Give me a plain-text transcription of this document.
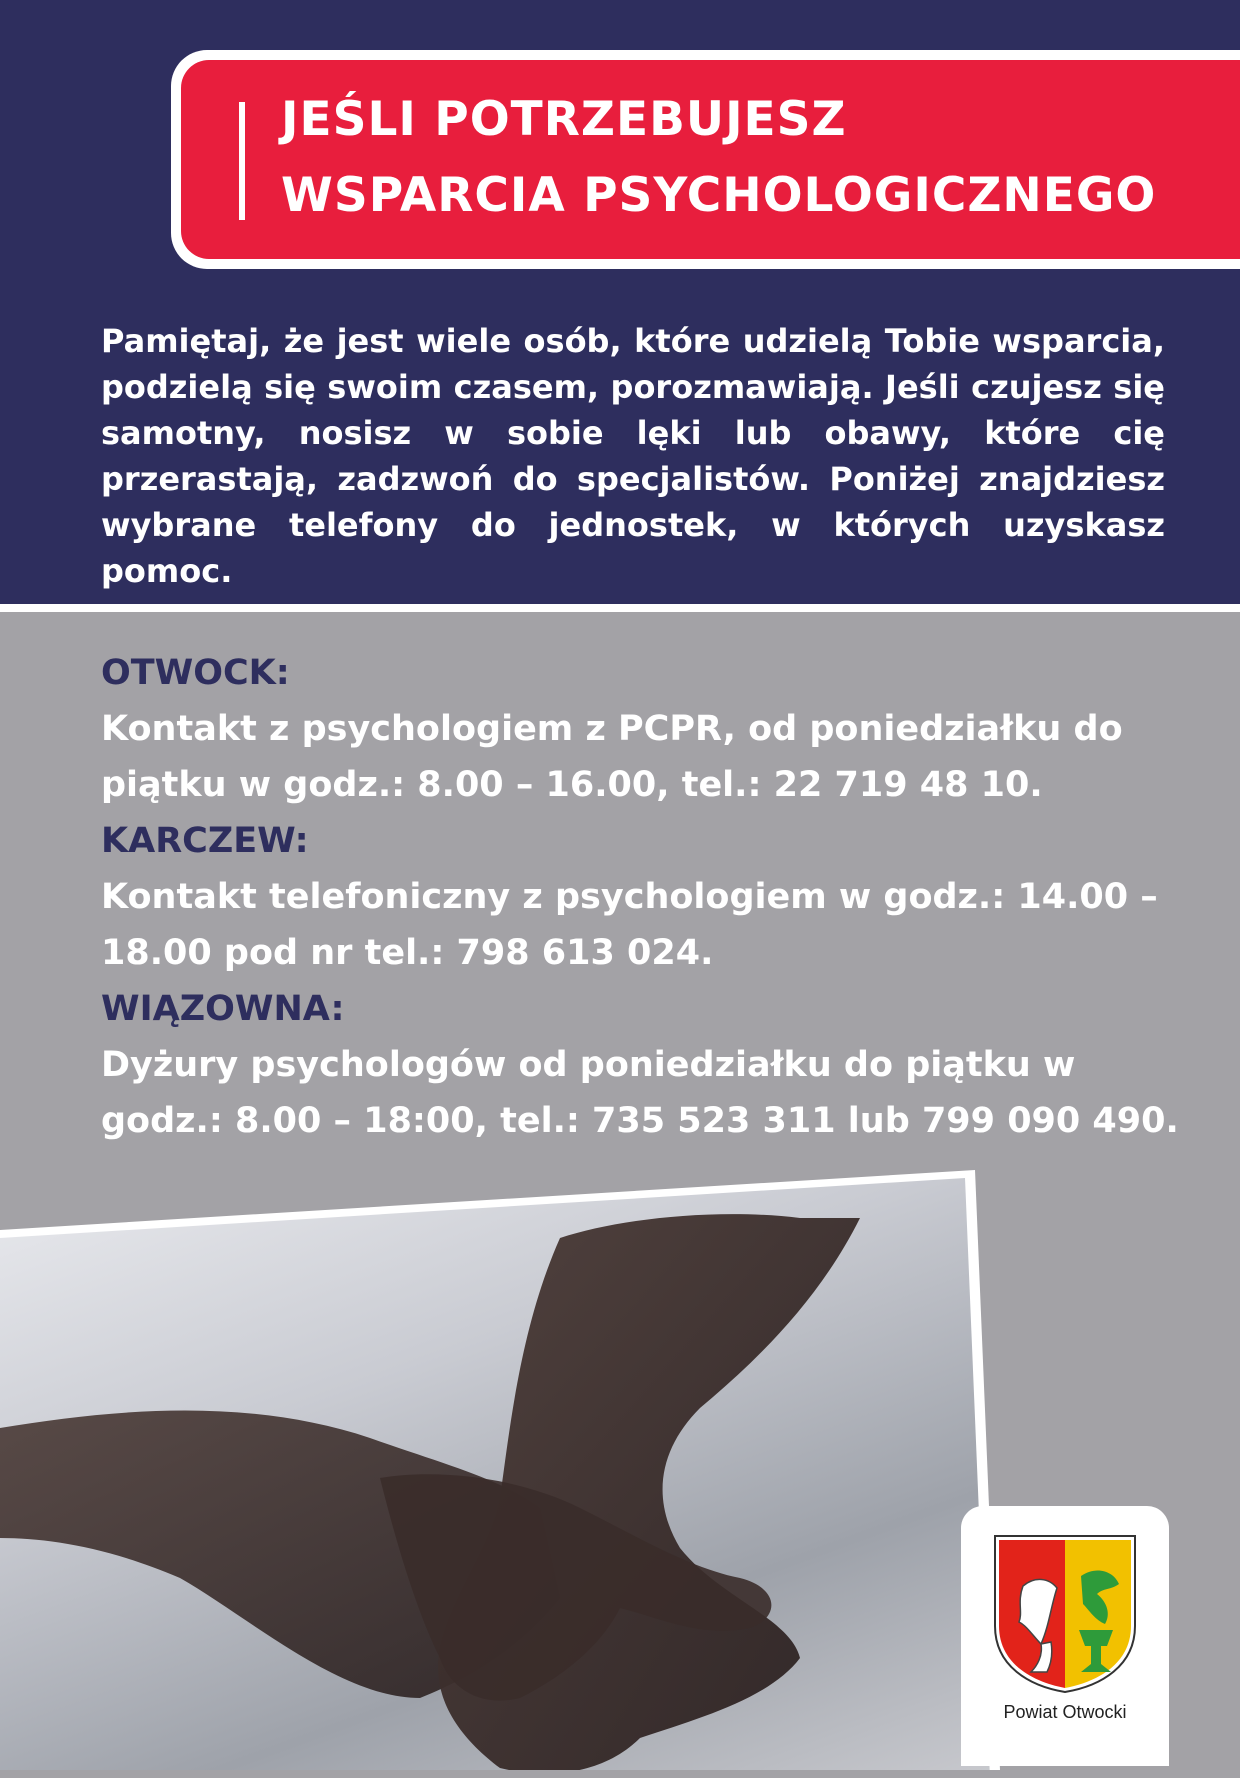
JEŚLI POTRZEBUJESZ
WSPARCIA PSYCHOLOGICZNEGO

Pamiętaj, że jest wiele osób, które udzielą Tobie wsparcia, podzielą się swoim czasem, porozmawiają. Jeśli czujesz się samotny, nosisz w sobie lęki lub obawy, które cię przerastają, zadzwoń do specjalistów. Poniżej znajdziesz wybrane telefony do jednostek, w których uzyskasz pomoc.

OTWOCK:

Kontakt z psychologiem z PCPR, od poniedziałku do piątku w godz.: 8.00 – 16.00, tel.: 22 719 48 10.

KARCZEW:

Kontakt telefoniczny z psychologiem w godz.: 14.00 – 18.00 pod nr tel.: 798 613 024.

WIĄZOWNA:

Dyżury psychologów od poniedziałku do piątku w godz.: 8.00 – 18:00, tel.: 735 523 311 lub 799 090 490.

Powiat Otwocki
